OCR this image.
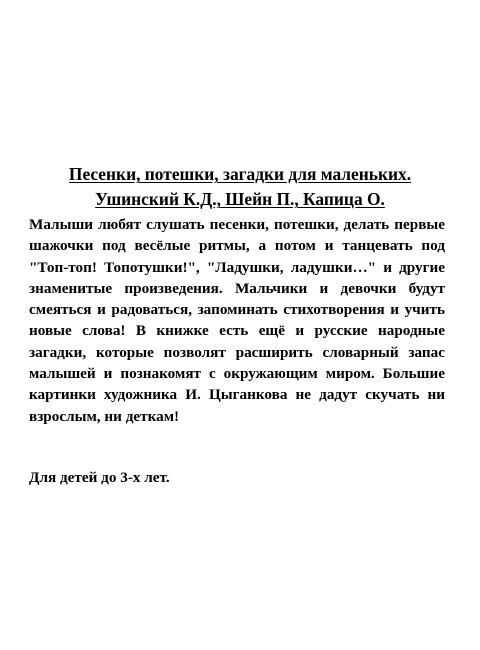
Песенки, потешки, загадки для маленьких.
Ушинский К.Д., Шейн П., Капица О.

Малыши любят слушать песенки, потешки, делать первые шажочки под весёлые ритмы, а потом и танцевать под "Топ-топ! Топотушки!", "Ладушки, ладушки…" и другие знаменитые произведения. Мальчики и девочки будут смеяться и радоваться, запоминать стихотворения и учить новые слова! В книжке есть ещё и русские народные загадки, которые позволят расширить словарный запас малышей и познакомят с окружающим миром. Большие картинки художника И. Цыганкова не дадут скучать ни взрослым, ни деткам!

Для детей до 3-х лет.
